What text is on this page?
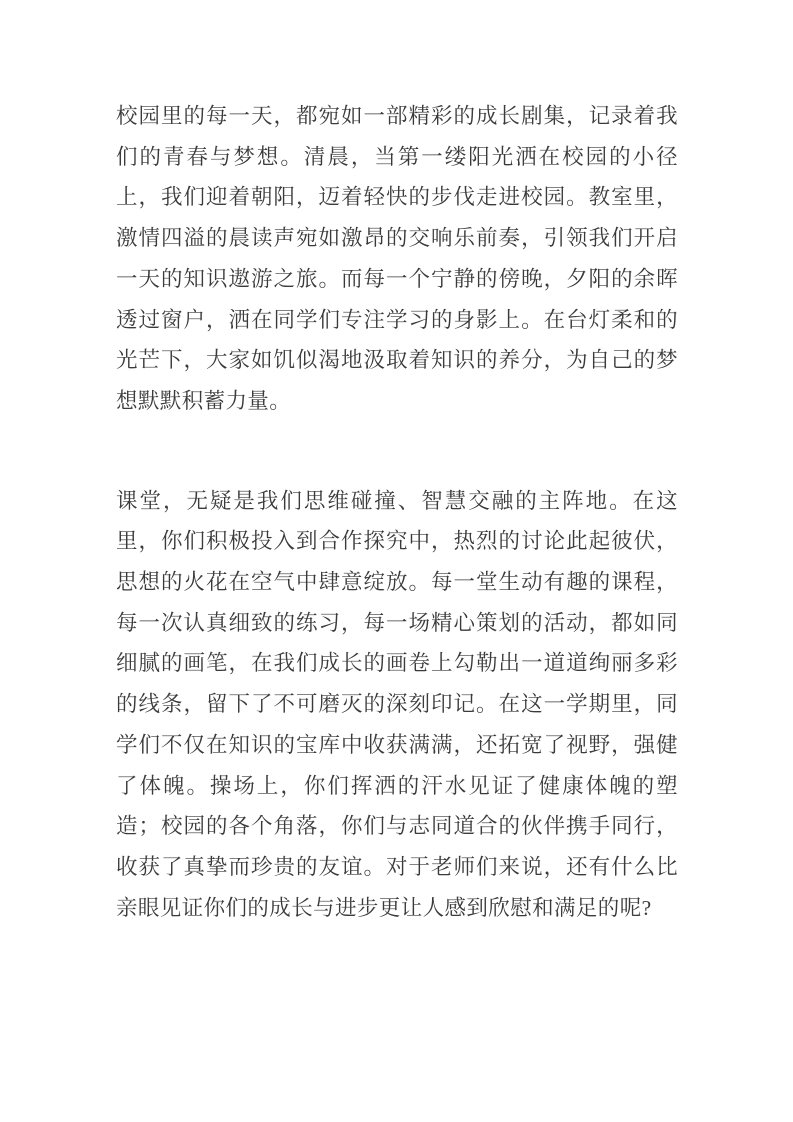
校园里的每一天，都宛如一部精彩的成长剧集，记录着我们的青春与梦想。清晨，当第一缕阳光洒在校园的小径上，我们迎着朝阳，迈着轻快的步伐走进校园。教室里，激情四溢的晨读声宛如激昂的交响乐前奏，引领我们开启一天的知识遨游之旅。而每一个宁静的傍晚，夕阳的余晖透过窗户，洒在同学们专注学习的身影上。在台灯柔和的光芒下，大家如饥似渴地汲取着知识的养分，为自己的梦想默默积蓄力量。

课堂，无疑是我们思维碰撞、智慧交融的主阵地。在这里，你们积极投入到合作探究中，热烈的讨论此起彼伏，思想的火花在空气中肆意绽放。每一堂生动有趣的课程，每一次认真细致的练习，每一场精心策划的活动，都如同细腻的画笔，在我们成长的画卷上勾勒出一道道绚丽多彩的线条，留下了不可磨灭的深刻印记。在这一学期里，同学们不仅在知识的宝库中收获满满，还拓宽了视野，强健了体魄。操场上，你们挥洒的汗水见证了健康体魄的塑造；校园的各个角落，你们与志同道合的伙伴携手同行，收获了真挚而珍贵的友谊。对于老师们来说，还有什么比亲眼见证你们的成长与进步更让人感到欣慰和满足的呢?
